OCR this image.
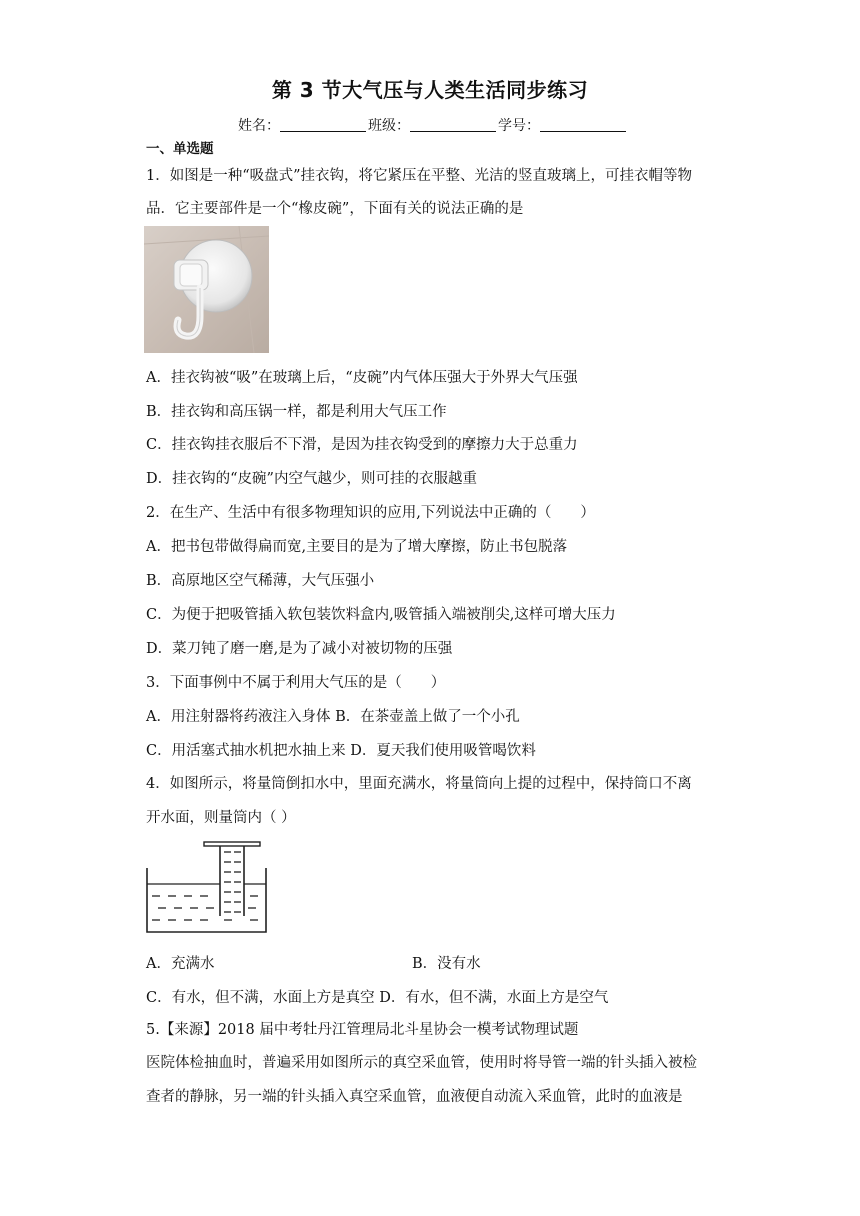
第 3 节大气压与人类生活同步练习
姓名：	班级：	学号：
一、单选题
1．如图是一种“吸盘式”挂衣钩，将它紧压在平整、光洁的竖直玻璃上，可挂衣帽等物
品．它主要部件是一个“橡皮碗”，下面有关的说法正确的是
A．挂衣钩被“吸”在玻璃上后，“皮碗”内气体压强大于外界大气压强
B．挂衣钩和高压锅一样，都是利用大气压工作
C．挂衣钩挂衣服后不下滑，是因为挂衣钩受到的摩擦力大于总重力
D．挂衣钩的“皮碗”内空气越少，则可挂的衣服越重
2．在生产、生活中有很多物理知识的应用,下列说法中正确的（　　）
A．把书包带做得扁而宽,主要目的是为了增大摩擦，防止书包脱落
B．高原地区空气稀薄，大气压强小
C．为便于把吸管插入软包装饮料盒内,吸管插入端被削尖,这样可增大压力
D．菜刀钝了磨一磨,是为了减小对被切物的压强
3．下面事例中不属于利用大气压的是（　　）
A．用注射器将药液注入身体 B．在茶壶盖上做了一个小孔
C．用活塞式抽水机把水抽上来 D．夏天我们使用吸管喝饮料
4．如图所示，将量筒倒扣水中，里面充满水，将量筒向上提的过程中，保持筒口不离
开水面，则量筒内（ ）
A．充满水	B．没有水
C．有水，但不满，水面上方是真空 D．有水，但不满，水面上方是空气
5.【来源】2018 届中考牡丹江管理局北斗星协会一模考试物理试题
医院体检抽血时，普遍采用如图所示的真空采血管，使用时将导管一端的针头插入被检
查者的静脉，另一端的针头插入真空采血管，血液便自动流入采血管，此时的血液是
